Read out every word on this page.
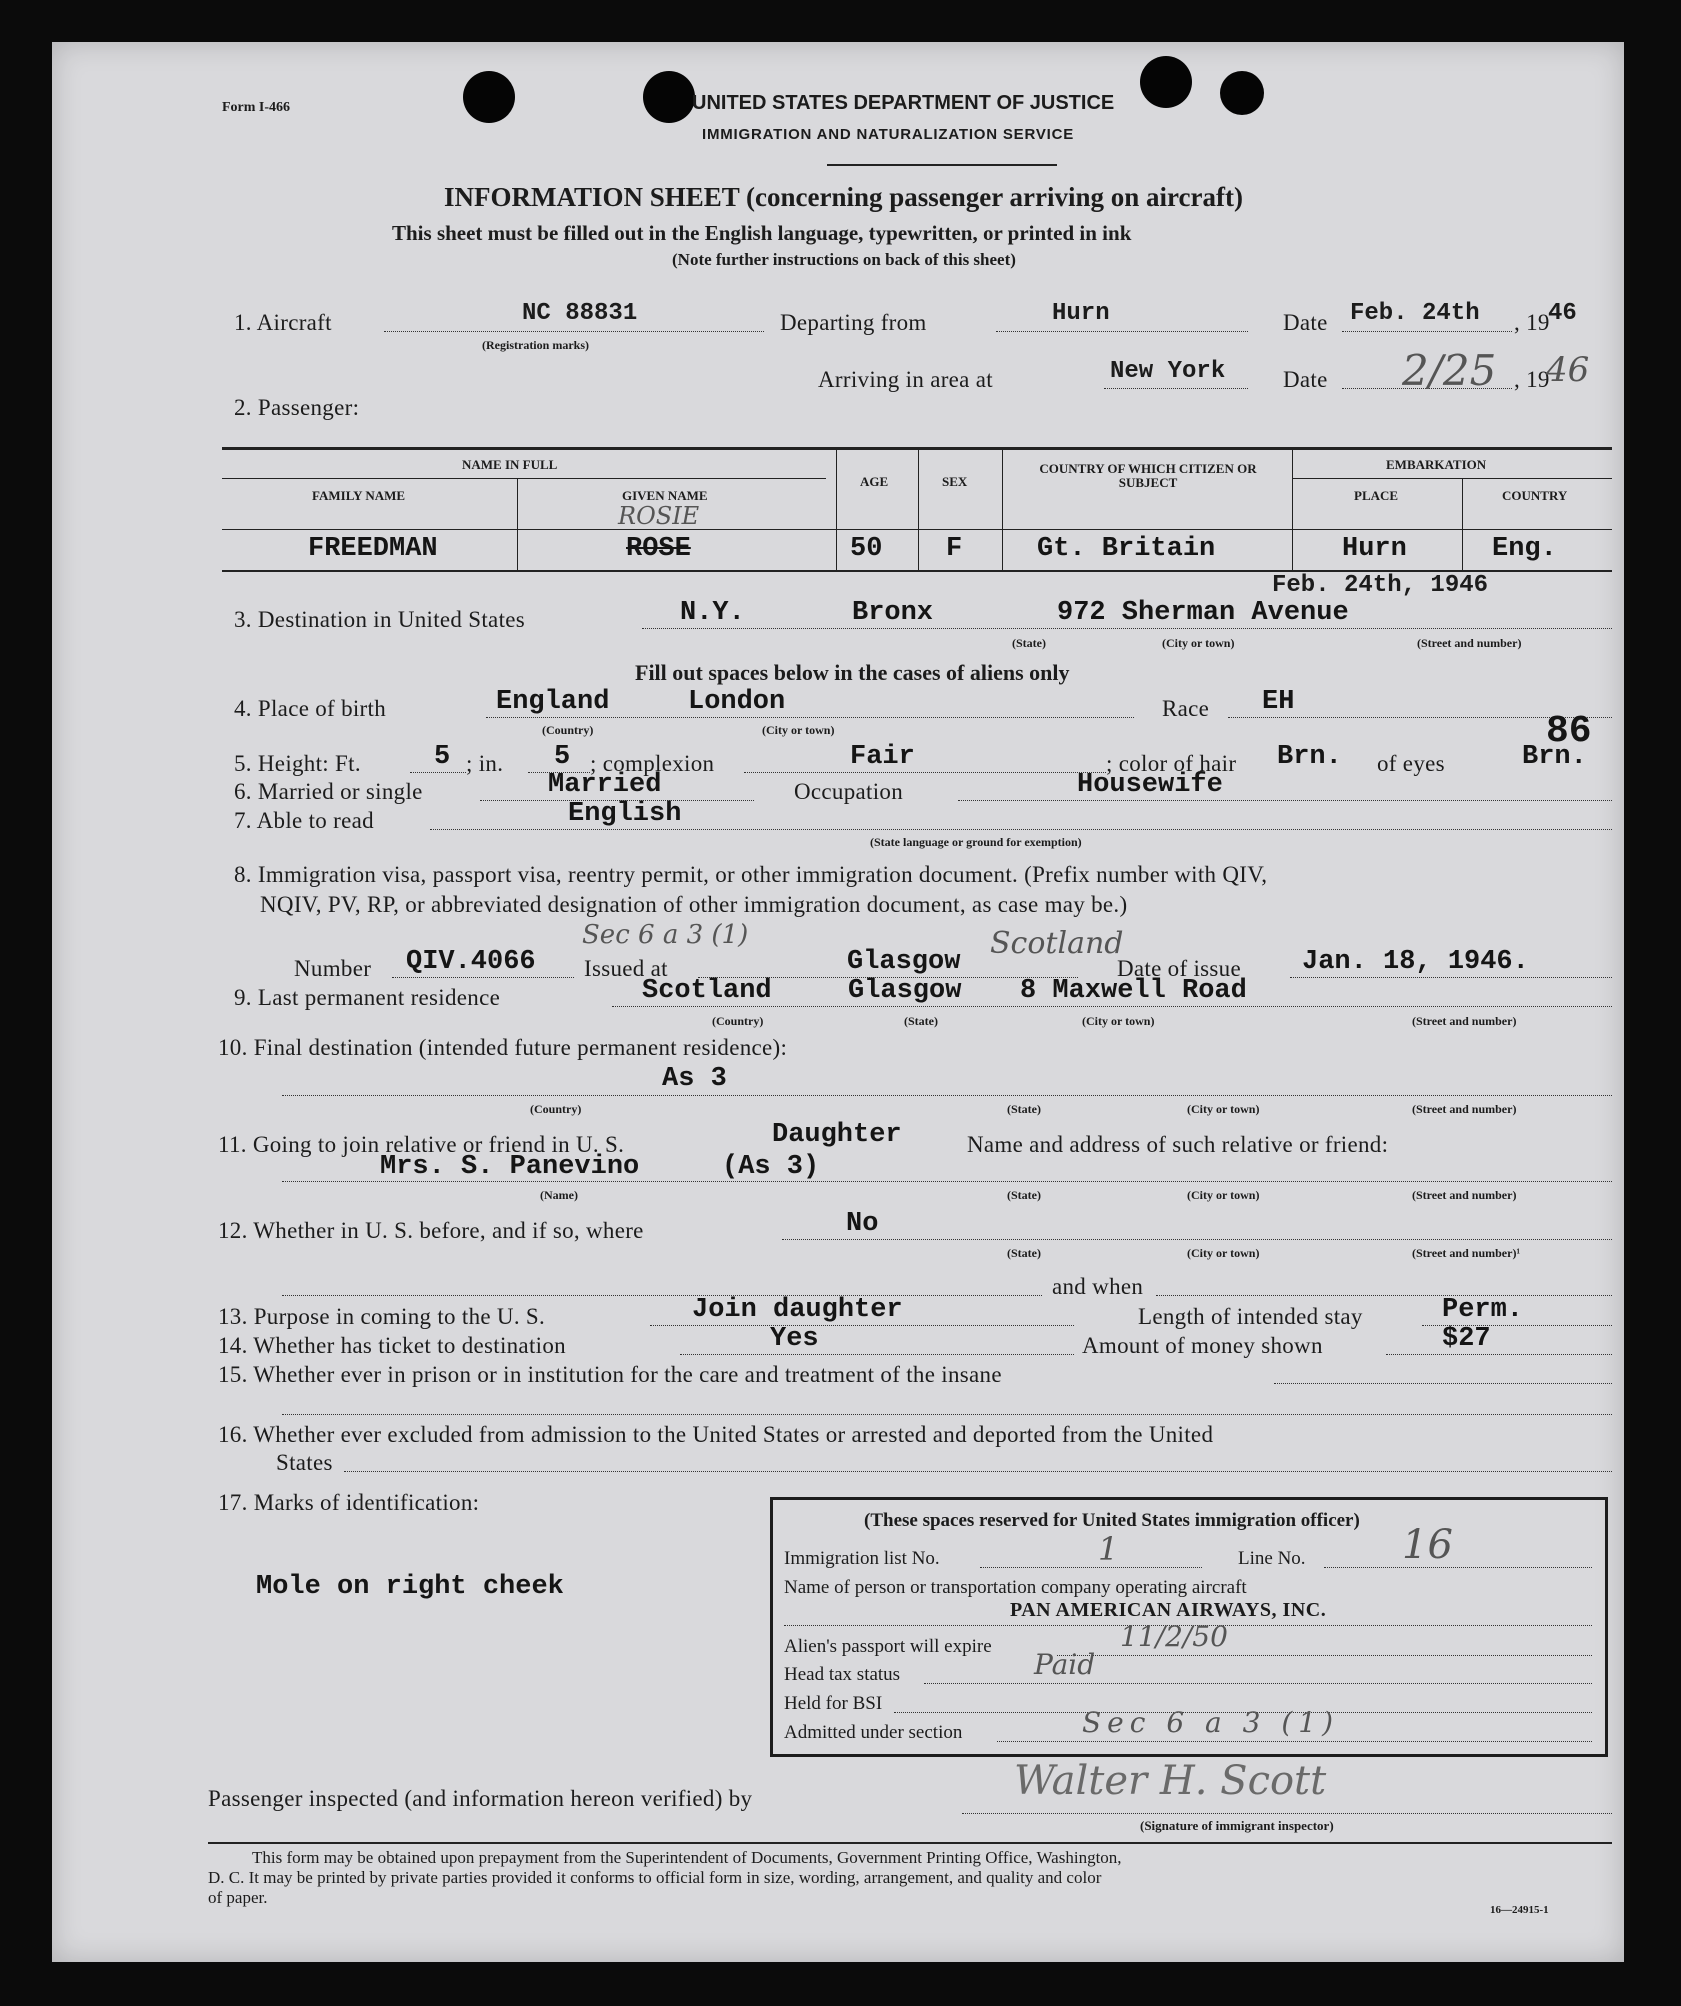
Form I-466	UNITED STATES DEPARTMENT OF JUSTICE
IMMIGRATION AND NATURALIZATION SERVICE
INFORMATION SHEET (concerning passenger arriving on aircraft)
This sheet must be filled out in the English language, typewritten, or printed in ink
(Note further instructions on back of this sheet)
1. Aircraft	NC 88831
(Registration marks)
Departing from	Hurn	Date Feb. 24th , 19
46
Arriving in area at	New York	Date 2/25 , 19
46
2. Passenger:
NAME IN FULL
FAMILY NAME	GIVEN NAME
AGE	SEX
COUNTRY OF WHICH CITIZEN OR SUBJECT
EMBARKATION
PLACE	COUNTRY
FREEDMAN	ROSE
ROSIE
50 F	Gt. Britain	Hurn	Eng.
Feb. 24th, 1946
3. Destination in United States	N.Y.	Bronx	972 Sherman Avenue
(State)	(City or town)	(Street and number)
Fill out spaces below in the cases of aliens only
4. Place of birth	England	London
(Country)	(City or town)
Race EH
86
5. Height: Ft.	5 ; in. 5 ; complexion	Fair	; color of hair Brn. of eyes	Brn.
6. Married or single	Married	Occupation	Housewife
7. Able to read	English
(State language or ground for exemption)
8. Immigration visa, passport visa, reentry permit, or other immigration document. (Prefix number with QIV,
NQIV, PV, RP, or abbreviated designation of other immigration document, as case may be.)
Sec 6 a 3 (1)
Number QIV.4066 Issued at	Glasgow
Scotland
Date of issue Jan. 18, 1946.
9. Last permanent residence	Scotland	Glasgow 8 Maxwell Road
(Country)	(State)	(City or town)	(Street and number)
10. Final destination (intended future permanent residence):
As 3
(Country)	(State)	(City or town)	(Street and number)
11. Going to join relative or friend in U. S.	Daughter	Name and address of such relative or friend:
Mrs. S. Panevino	(As 3)
(Name)	(State)	(City or town)	(Street and number)
12. Whether in U. S. before, and if so, where	No
(State)	(City or town)	(Street and number)¹
and when
13. Purpose in coming to the U. S.	Join daughter	Length of intended stay	Perm.
14. Whether has ticket to destination	Yes	Amount of money shown	$27
15. Whether ever in prison or in institution for the care and treatment of the insane
16. Whether ever excluded from admission to the United States or arrested and deported from the United
States
17. Marks of identification:
Mole on right cheek
(These spaces reserved for United States immigration officer)
Immigration list No.	1	Line No. 16
Name of person or transportation company operating aircraft
PAN AMERICAN AIRWAYS, INC.
Alien's passport will expire	11/2/50
Head tax status	Paid
Held for BSI
Admitted under section	Sec 6 a 3 (1)
Passenger inspected (and information hereon verified) by	Walter H. Scott
(Signature of immigrant inspector)
This form may be obtained upon prepayment from the Superintendent of Documents, Government Printing Office, Washington,
D. C. It may be printed by private parties provided it conforms to official form in size, wording, arrangement, and quality and color
of paper.
16—24915-1
